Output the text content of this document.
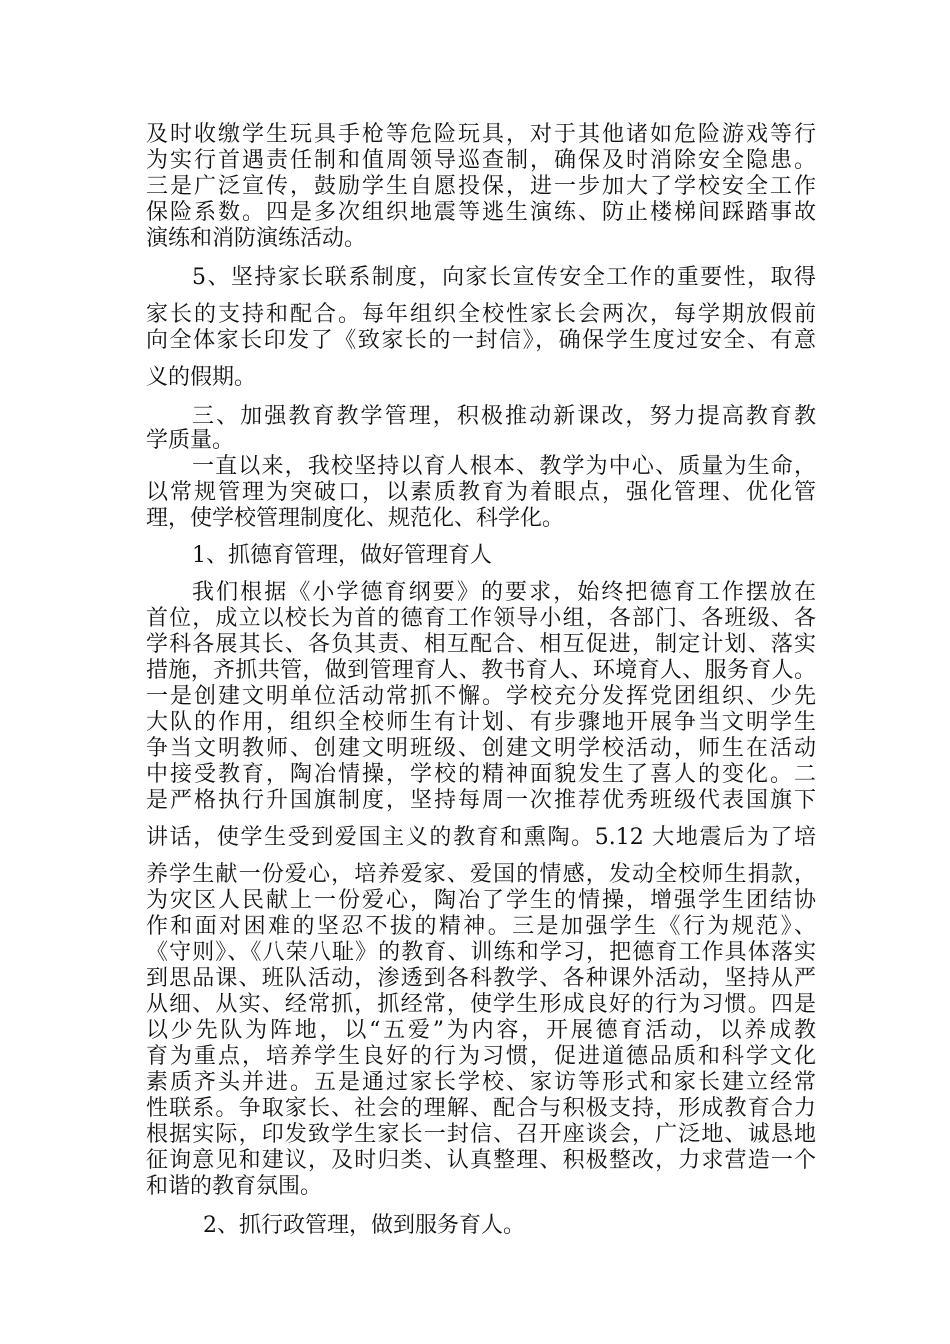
及时收缴学生玩具手枪等危险玩具，对于其他诸如危险游戏等行
为实行首遇责任制和值周领导巡查制，确保及时消除安全隐患。
三是广泛宣传，鼓励学生自愿投保，进一步加大了学校安全工作
保险系数。四是多次组织地震等逃生演练、防止楼梯间踩踏事故
演练和消防演练活动。
5、坚持家长联系制度，向家长宣传安全工作的重要性，取得
家长的支持和配合。每年组织全校性家长会两次，每学期放假前
向全体家长印发了《致家长的一封信》，确保学生度过安全、有意
义的假期。
三、加强教育教学管理，积极推动新课改，努力提高教育教
学质量。
一直以来，我校坚持以育人根本、教学为中心、质量为生命，
以常规管理为突破口，以素质教育为着眼点，强化管理、优化管
理，使学校管理制度化、规范化、科学化。
1、抓德育管理，做好管理育人
我们根据《小学德育纲要》的要求，始终把德育工作摆放在
首位，成立以校长为首的德育工作领导小组，各部门、各班级、各
学科各展其长、各负其责、相互配合、相互促进，制定计划、落实
措施，齐抓共管，做到管理育人、教书育人、环境育人、服务育人。
一是创建文明单位活动常抓不懈。学校充分发挥党团组织、少先
大队的作用，组织全校师生有计划、有步骤地开展争当文明学生
争当文明教师、创建文明班级、创建文明学校活动，师生在活动
中接受教育，陶冶情操，学校的精神面貌发生了喜人的变化。二
是严格执行升国旗制度，坚持每周一次推荐优秀班级代表国旗下
讲话，使学生受到爱国主义的教育和熏陶。5.12 大地震后为了培
养学生献一份爱心，培养爱家、爱国的情感，发动全校师生捐款，
为灾区人民献上一份爱心，陶冶了学生的情操，增强学生团结协
作和面对困难的坚忍不拔的精神。三是加强学生《行为规范》、
《守则》、《八荣八耻》的教育、训练和学习，把德育工作具体落实
到思品课、班队活动，渗透到各科教学、各种课外活动，坚持从严
从细、从实、经常抓，抓经常，使学生形成良好的行为习惯。四是
以少先队为阵地，以“五爱”为内容，开展德育活动，以养成教
育为重点，培养学生良好的行为习惯，促进道德品质和科学文化
素质齐头并进。五是通过家长学校、家访等形式和家长建立经常
性联系。争取家长、社会的理解、配合与积极支持，形成教育合力
根据实际，印发致学生家长一封信、召开座谈会，广泛地、诚恳地
征询意见和建议，及时归类、认真整理、积极整改，力求营造一个
和谐的教育氛围。
2、抓行政管理，做到服务育人。
